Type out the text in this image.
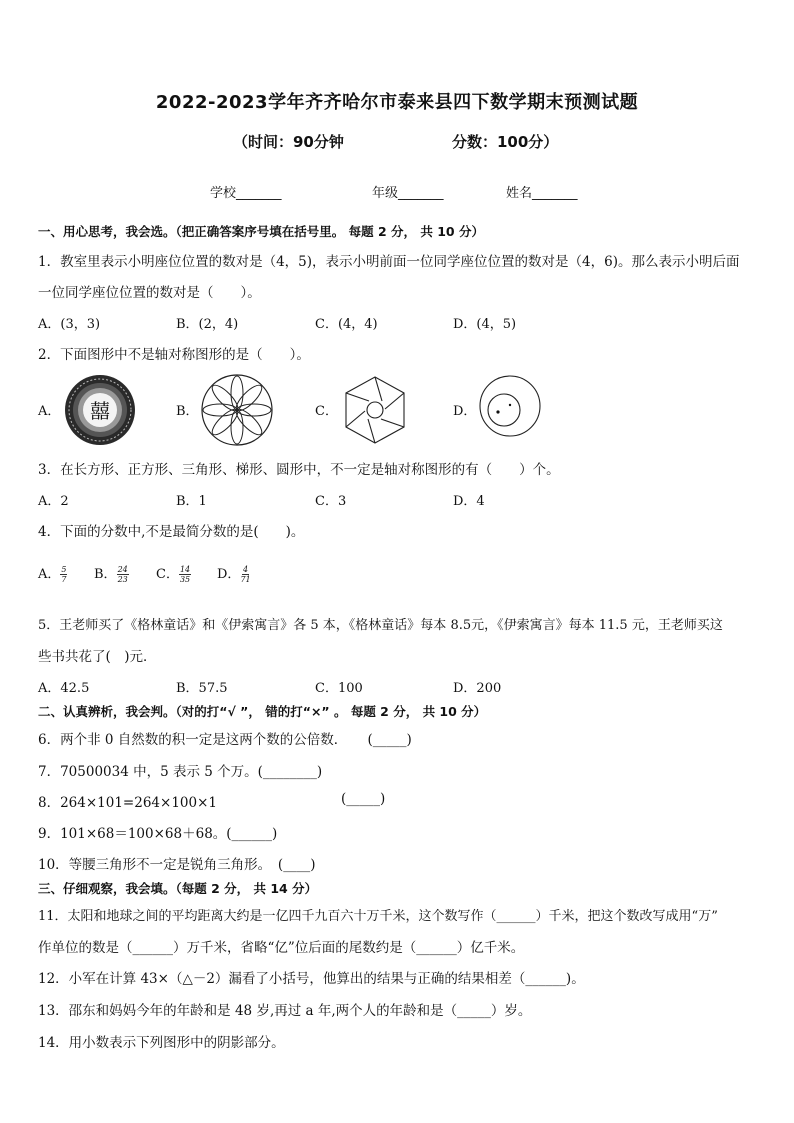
2022-2023学年齐齐哈尔市泰来县四下数学期末预测试题
（时间：90分钟	分数：100分）
学校_______	年级_______	姓名_______
一、用心思考，我会选。（把正确答案序号填在括号里。 每题 2 分， 共 10 分）
1．教室里表示小明座位位置的数对是（4，5)，表示小明前面一位同学座位位置的数对是（4，6)。那么表示小明后面
一位同学座位位置的数对是（　　）。
A．(3，3)	B．(2，4)	C．(4，4)	D．(4，5)
2．下面图形中不是轴对称图形的是（　　）。
A． 囍	B．	C．	D．
3．在长方形、正方形、三角形、梯形、圆形中，不一定是轴对称图形的有（　　）个。
A．2	B．1	C．3	D．4
4．下面的分数中,不是最简分数的是(　　)。
A． $\frac{5}{7}$ B． $\frac{24}{23}$ C． $\frac{14}{35}$ D． $\frac{4}{71}$
5．王老师买了《格林童话》和《伊索寓言》各 5 本，《格林童话》每本 8.5元，《伊索寓言》每本 11.5 元，王老师买这
些书共花了(　)元．
A．42.5	B．57.5	C．100	D．200
二、认真辨析，我会判。（对的打“√ ”， 错的打“×” 。 每题 2 分， 共 10 分）
6．两个非 0 自然数的积一定是这两个数的公倍数．　　(_____)
7．70500034 中，5 表示 5 个万。(________)
8．264×101=264×100×1	(_____)
9．101×68＝100×68＋68。(______)
10．等腰三角形不一定是锐角三角形。　(____)
三、仔细观察，我会填。（每题 2 分， 共 14 分）
11．太阳和地球之间的平均距离大约是一亿四千九百六十万千米，这个数写作（______）千米，把这个数改写成用“万”
作单位的数是（______）万千米，省略“亿”位后面的尾数约是（______）亿千米。
12．小军在计算 43×（△－2）漏看了小括号，他算出的结果与正确的结果相差（______)。
13．邵东和妈妈今年的年龄和是 48 岁,再过 a 年,两个人的年龄和是（_____）岁。
14．用小数表示下列图形中的阴影部分。
